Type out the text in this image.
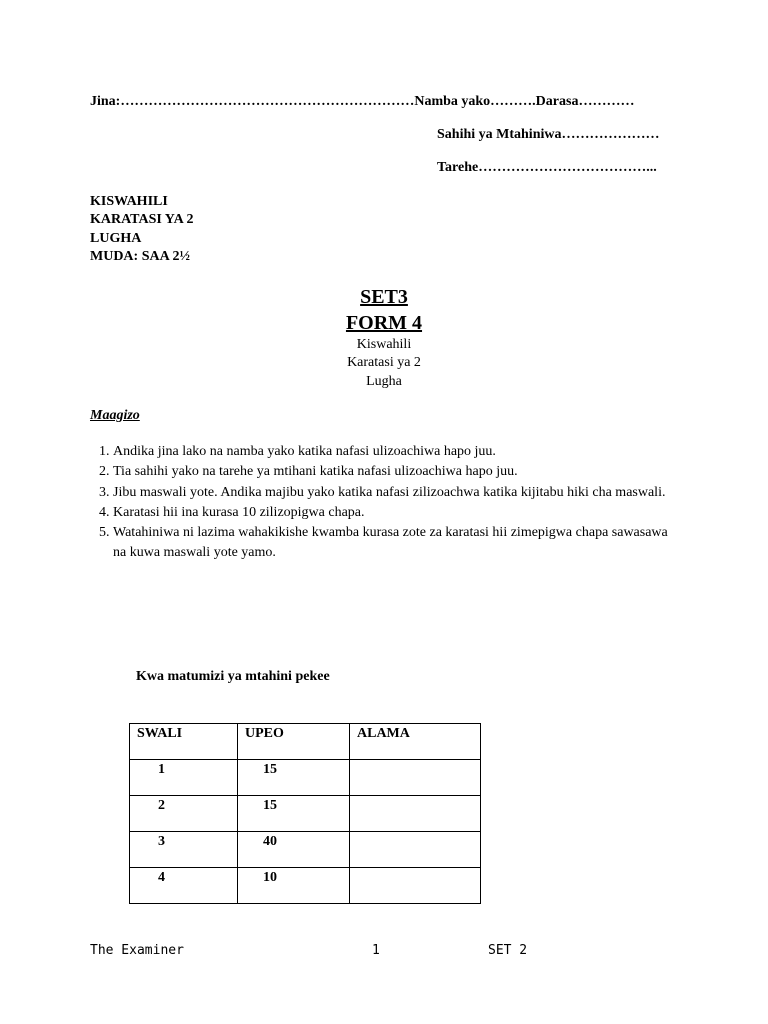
Jina:………………………………………………………Namba yako……….Darasa…………
Sahihi ya Mtahiniwa…………………
Tarehe………………………………...
KISWAHILI
KARATASI YA 2
LUGHA
MUDA: SAA 2½
SET3
FORM 4
Kiswahili
Karatasi ya 2
Lugha
Maagizo
1. Andika jina lako na namba yako katika nafasi ulizoachiwa hapo juu.
2. Tia sahihi yako na tarehe ya mtihani katika nafasi ulizoachiwa hapo juu.
3. Jibu maswali yote. Andika majibu yako katika nafasi zilizoachwa katika kijitabu hiki cha maswali.
4. Karatasi hii ina kurasa 10 zilizopigwa chapa.
5. Watahiniwa ni lazima wahakikishe kwamba kurasa zote za karatasi hii zimepigwa chapa sawasawa na kuwa maswali yote yamo.
Kwa matumizi ya mtahini pekee
SWALI	UPEO	ALAMA

1	15	

2	15	

3	40	

4	10	

The Examiner	1	SET 2
